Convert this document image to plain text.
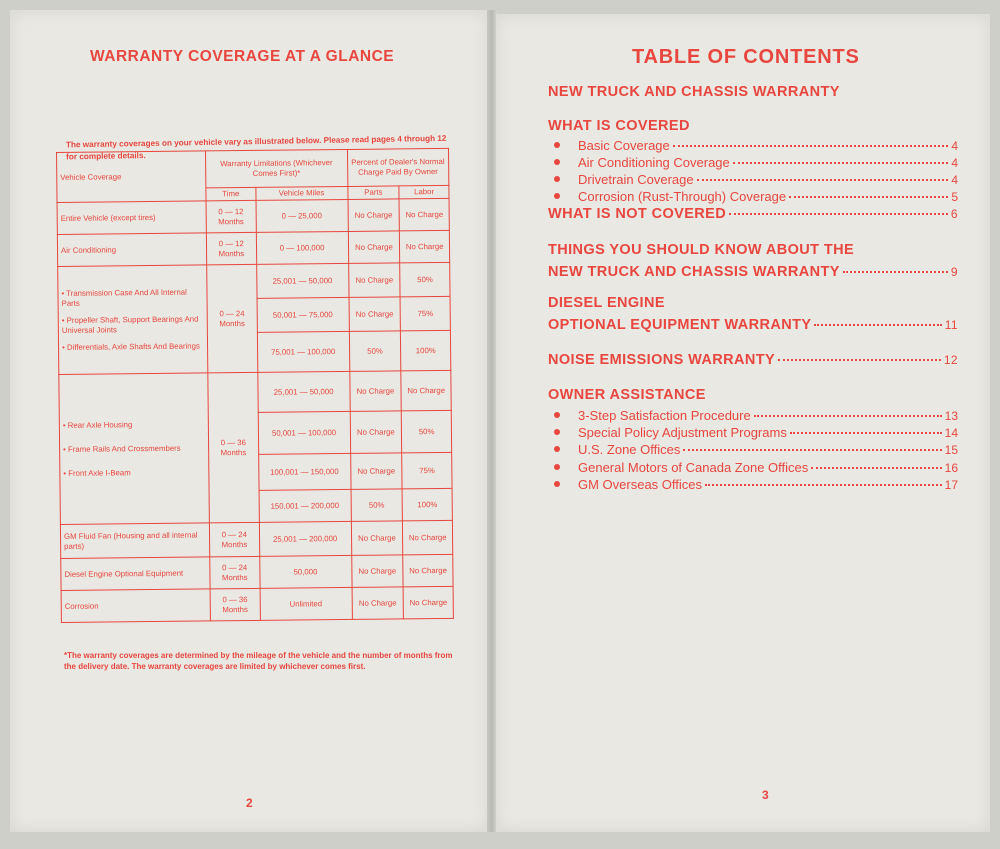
WARRANTY COVERAGE AT A GLANCE
The warranty coverages on your vehicle vary as illustrated below. Please read pages 4 through 12 for complete details.
Vehicle Coverage	Warranty Limitations (Whichever Comes First)*		Percent of Dealer's Normal Charge Paid By Owner	
	Time	Vehicle Miles	Parts	Labor
Entire Vehicle (except tires)	0 — 12 Months	0 — 25,000	No Charge	No Charge
Air Conditioning	0 — 12 Months	0 — 100,000	No Charge	No Charge

• Transmission Case And All Internal Parts
• Propeller Shaft, Support Bearings And Universal Joints
• Differentials, Axle Shafts And Bearings	0 — 24 Months	25,001 — 50,000	No Charge	50%
		50,001 — 75,000	No Charge	75%
		75,001 — 100,000	50%	100%

• Rear Axle Housing
• Frame Rails And Crossmembers
• Front Axle I-Beam	0 — 36 Months	25,001 — 50,000	No Charge	No Charge
		50,001 — 100,000	No Charge	50%
		100,001 — 150,000	No Charge	75%
		150,001 — 200,000	50%	100%
GM Fluid Fan (Housing and all internal parts)	0 — 24 Months	25,001 — 200,000	No Charge	No Charge
Diesel Engine Optional Equipment	0 — 24 Months	50,000	No Charge	No Charge
Corrosion	0 — 36 Months	Unlimited	No Charge	No Charge
*The warranty coverages are determined by the mileage of the vehicle and the number of months from the delivery date. The warranty coverages are limited by whichever comes first.
2
TABLE OF CONTENTS
NEW TRUCK AND CHASSIS WARRANTY
WHAT IS COVERED
Basic Coverage	4
Air Conditioning Coverage	4
Drivetrain Coverage	4
Corrosion (Rust-Through) Coverage	5
WHAT IS NOT COVERED	6
THINGS YOU SHOULD KNOW ABOUT THE
NEW TRUCK AND CHASSIS WARRANTY	9
DIESEL ENGINE
OPTIONAL EQUIPMENT WARRANTY	11
NOISE EMISSIONS WARRANTY	12
OWNER ASSISTANCE
3-Step Satisfaction Procedure	13
Special Policy Adjustment Programs	14
U.S. Zone Offices	15
General Motors of Canada Zone Offices	16
GM Overseas Offices	17
3
